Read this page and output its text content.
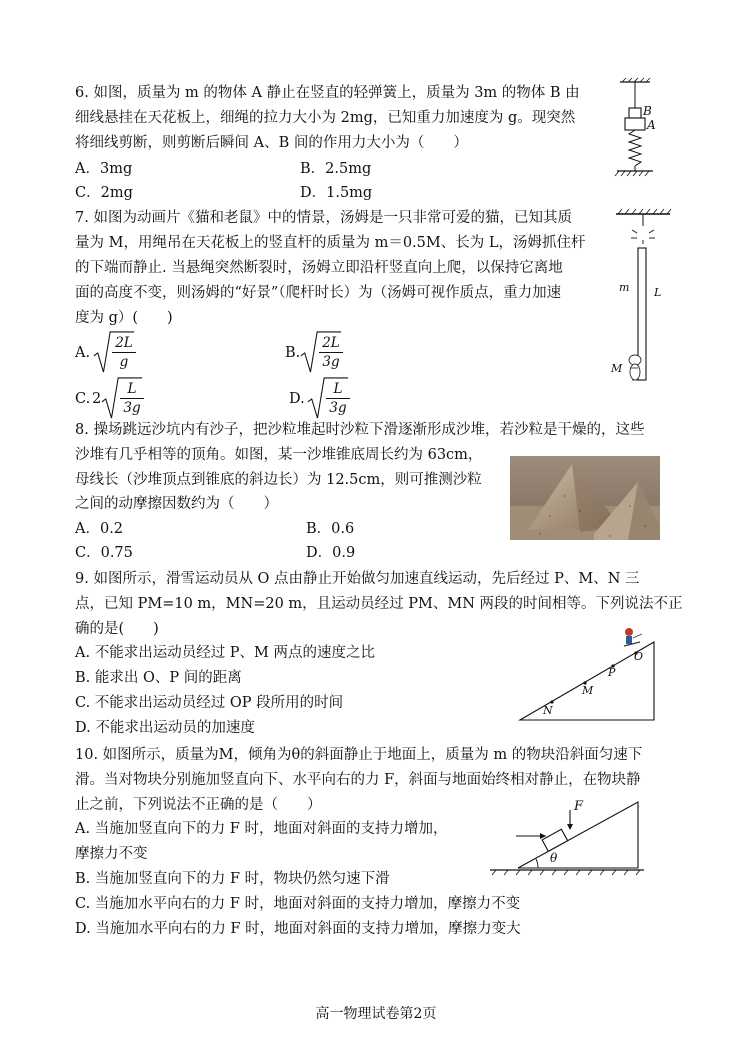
6. 如图，质量为 m 的物体 A 静止在竖直的轻弹簧上，质量为 3m 的物体 B 由
细线悬挂在天花板上，细绳的拉力大小为 2mg，已知重力加速度为 g。现突然
将细线剪断，则剪断后瞬间 A、B 间的作用力大小为（　　）
A．3mg	B．2.5mg
C．2mg	D．1.5mg
B
A
7. 如图为动画片《猫和老鼠》中的情景，汤姆是一只非常可爱的猫，已知其质
量为 M，用绳吊在天花板上的竖直杆的质量为 m＝0.5M、长为 L，汤姆抓住杆
的下端而静止. 当悬绳突然断裂时，汤姆立即沿杆竖直向上爬，以保持它离地
面的高度不变，则汤姆的“好景”（爬杆时长）为（汤姆可视作质点，重力加速
度为 g）(　　)
A. $\frac{2L}{g}$	B. $\frac{2L}{3g}$
C. $2 \frac{L}{3g}$	D. $\frac{L}{3g}$
m L
M
8. 操场跳远沙坑内有沙子，把沙粒堆起时沙粒下滑逐渐形成沙堆，若沙粒是干燥的，这些
沙堆有几乎相等的顶角。如图，某一沙堆锥底周长约为 63cm，
母线长（沙堆顶点到锥底的斜边长）为 12.5cm，则可推测沙粒
之间的动摩擦因数约为（　　）
A．0.2	B．0.6
C．0.75	D．0.9
9. 如图所示，滑雪运动员从 O 点由静止开始做匀加速直线运动，先后经过 P、M、N 三
点，已知 PM=10 m，MN=20 m，且运动员经过 PM、MN 两段的时间相等。下列说法不正
确的是(　　)
A. 不能求出运动员经过 P、M 两点的速度之比
B. 能求出 O、P 间的距离
C. 不能求出运动员经过 OP 段所用的时间
D. 不能求出运动员的加速度
O
P
M
N
10. 如图所示，质量为M，倾角为θ的斜面静止于地面上，质量为 m 的物块沿斜面匀速下
滑。当对物块分别施加竖直向下、水平向右的力 F，斜面与地面始终相对静止，在物块静
止之前，下列说法不正确的是（　　）
A. 当施加竖直向下的力 F 时，地面对斜面的支持力增加，
摩擦力不变
B. 当施加竖直向下的力 F 时，物块仍然匀速下滑
C. 当施加水平向右的力 F 时，地面对斜面的支持力增加，摩擦力不变
D. 当施加水平向右的力 F 时，地面对斜面的支持力增加，摩擦力变大
F
θ
高一物理试卷第2页
